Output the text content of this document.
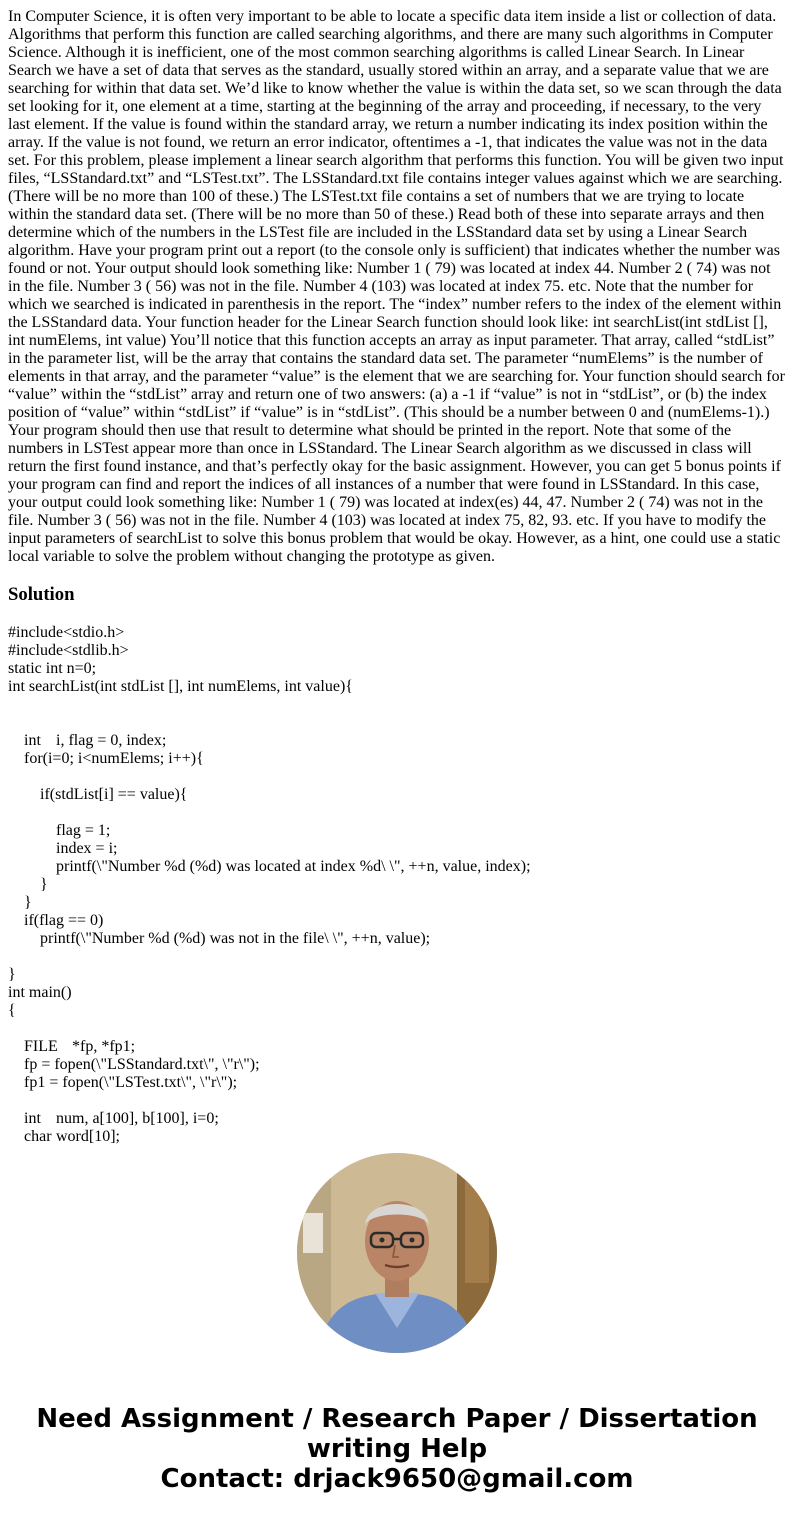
In Computer Science, it is often very important to be able to locate a specific data item inside a list or collection of data. Algorithms that perform this function are called searching algorithms, and there are many such algorithms in Computer Science. Although it is inefficient, one of the most common searching algorithms is called Linear Search. In Linear Search we have a set of data that serves as the standard, usually stored within an array, and a separate value that we are searching for within that data set. We’d like to know whether the value is within the data set, so we scan through the data set looking for it, one element at a time, starting at the beginning of the array and proceeding, if necessary, to the very last element. If the value is found within the standard array, we return a number indicating its index position within the array. If the value is not found, we return an error indicator, oftentimes a -1, that indicates the value was not in the data set. For this problem, please implement a linear search algorithm that performs this function. You will be given two input files, “LSStandard.txt” and “LSTest.txt”. The LSStandard.txt file contains integer values against which we are searching. (There will be no more than 100 of these.) The LSTest.txt file contains a set of numbers that we are trying to locate within the standard data set. (There will be no more than 50 of these.) Read both of these into separate arrays and then determine which of the numbers in the LSTest file are included in the LSStandard data set by using a Linear Search algorithm. Have your program print out a report (to the console only is sufficient) that indicates whether the number was found or not. Your output should look something like: Number 1 ( 79) was located at index 44. Number 2 ( 74) was not in the file. Number 3 ( 56) was not in the file. Number 4 (103) was located at index 75. etc. Note that the number for which we searched is indicated in parenthesis in the report. The “index” number refers to the index of the element within the LSStandard data. Your function header for the Linear Search function should look like: int searchList(int stdList [], int numElems, int value) You’ll notice that this function accepts an array as input parameter. That array, called “stdList” in the parameter list, will be the array that contains the standard data set. The parameter “numElems” is the number of elements in that array, and the parameter “value” is the element that we are searching for. Your function should search for “value” within the “stdList” array and return one of two answers: (a) a -1 if “value” is not in “stdList”, or (b) the index position of “value” within “stdList” if “value” is in “stdList”. (This should be a number between 0 and (numElems-1).) Your program should then use that result to determine what should be printed in the report. Note that some of the numbers in LSTest appear more than once in LSStandard. The Linear Search algorithm as we discussed in class will return the first found instance, and that’s perfectly okay for the basic assignment. However, you can get 5 bonus points if your program can find and report the indices of all instances of a number that were found in LSStandard. In this case, your output could look something like: Number 1 ( 79) was located at index(es) 44, 47. Number 2 ( 74) was not in the file. Number 3 ( 56) was not in the file. Number 4 (103) was located at index 75, 82, 93. etc. If you have to modify the input parameters of searchList to solve this bonus problem that would be okay. However, as a hint, one could use a static local variable to solve the problem without changing the prototype as given.

Solution
#include<stdio.h>
#include<stdlib.h>
static int n=0;
int searchList(int stdList [], int numElems, int value){

	int	i, flag = 0, index;
	for(i=0; i<numElems; i++){

		if(stdList[i] == value){

			flag = 1;
			index = i;
			printf(\"Number %d (%d) was located at index %d\ \", ++n, value, index);
		}
	}
	if(flag == 0)
		printf(\"Number %d (%d) was not in the file\ \", ++n, value);

}
int main()
{

	FILE	*fp, *fp1;
	fp = fopen(\"LSStandard.txt\", \"r\");
	fp1 = fopen(\"LSTest.txt\", \"r\");

	int	num, a[100], b[100], i=0;
	char	word[10];

Need Assignment / Research Paper / Dissertation

writing Help

Contact: drjack9650@gmail.com
